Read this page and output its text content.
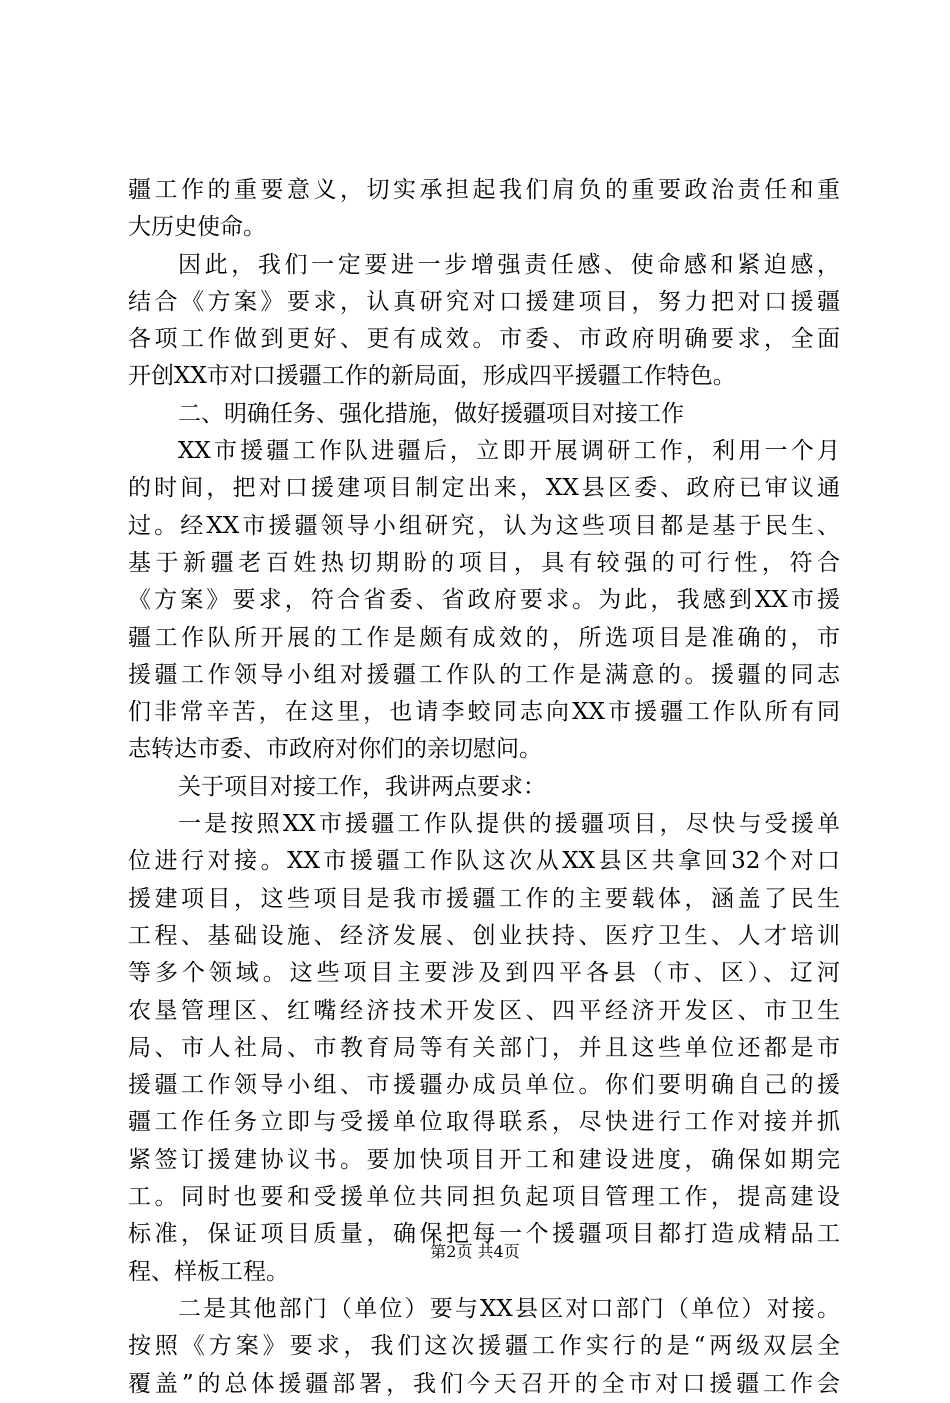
疆工作的重要意义，切实承担起我们肩负的重要政治责任和重
大历史使命。
因此，我们一定要进一步增强责任感、使命感和紧迫感，
结合《方案》要求，认真研究对口援建项目，努力把对口援疆
各项工作做到更好、更有成效。市委、市政府明确要求，全面
开创XX市对口援疆工作的新局面，形成四平援疆工作特色。
二、明确任务、强化措施，做好援疆项目对接工作
XX市援疆工作队进疆后，立即开展调研工作，利用一个月
的时间，把对口援建项目制定出来，XX县区委、政府已审议通
过。经XX市援疆领导小组研究，认为这些项目都是基于民生、
基于新疆老百姓热切期盼的项目，具有较强的可行性，符合
《方案》要求，符合省委、省政府要求。为此，我感到XX市援
疆工作队所开展的工作是颇有成效的，所选项目是准确的，市
援疆工作领导小组对援疆工作队的工作是满意的。援疆的同志
们非常辛苦，在这里，也请李蛟同志向XX市援疆工作队所有同
志转达市委、市政府对你们的亲切慰问。
关于项目对接工作，我讲两点要求：
一是按照XX市援疆工作队提供的援疆项目，尽快与受援单
位进行对接。XX市援疆工作队这次从XX县区共拿回32个对口
援建项目，这些项目是我市援疆工作的主要载体，涵盖了民生
工程、基础设施、经济发展、创业扶持、医疗卫生、人才培训
等多个领域。这些项目主要涉及到四平各县（市、区）、辽河
农垦管理区、红嘴经济技术开发区、四平经济开发区、市卫生
局、市人社局、市教育局等有关部门，并且这些单位还都是市
援疆工作领导小组、市援疆办成员单位。你们要明确自己的援
疆工作任务立即与受援单位取得联系，尽快进行工作对接并抓
紧签订援建协议书。要加快项目开工和建设进度，确保如期完
工。同时也要和受援单位共同担负起项目管理工作，提高建设
标准，保证项目质量，确保把每一个援疆项目都打造成精品工
程、样板工程。
二是其他部门（单位）要与XX县区对口部门（单位）对接。
按照《方案》要求，我们这次援疆工作实行的是“两级双层全
覆盖”的总体援疆部署，我们今天召开的全市对口援疆工作会
第2页 共4页
